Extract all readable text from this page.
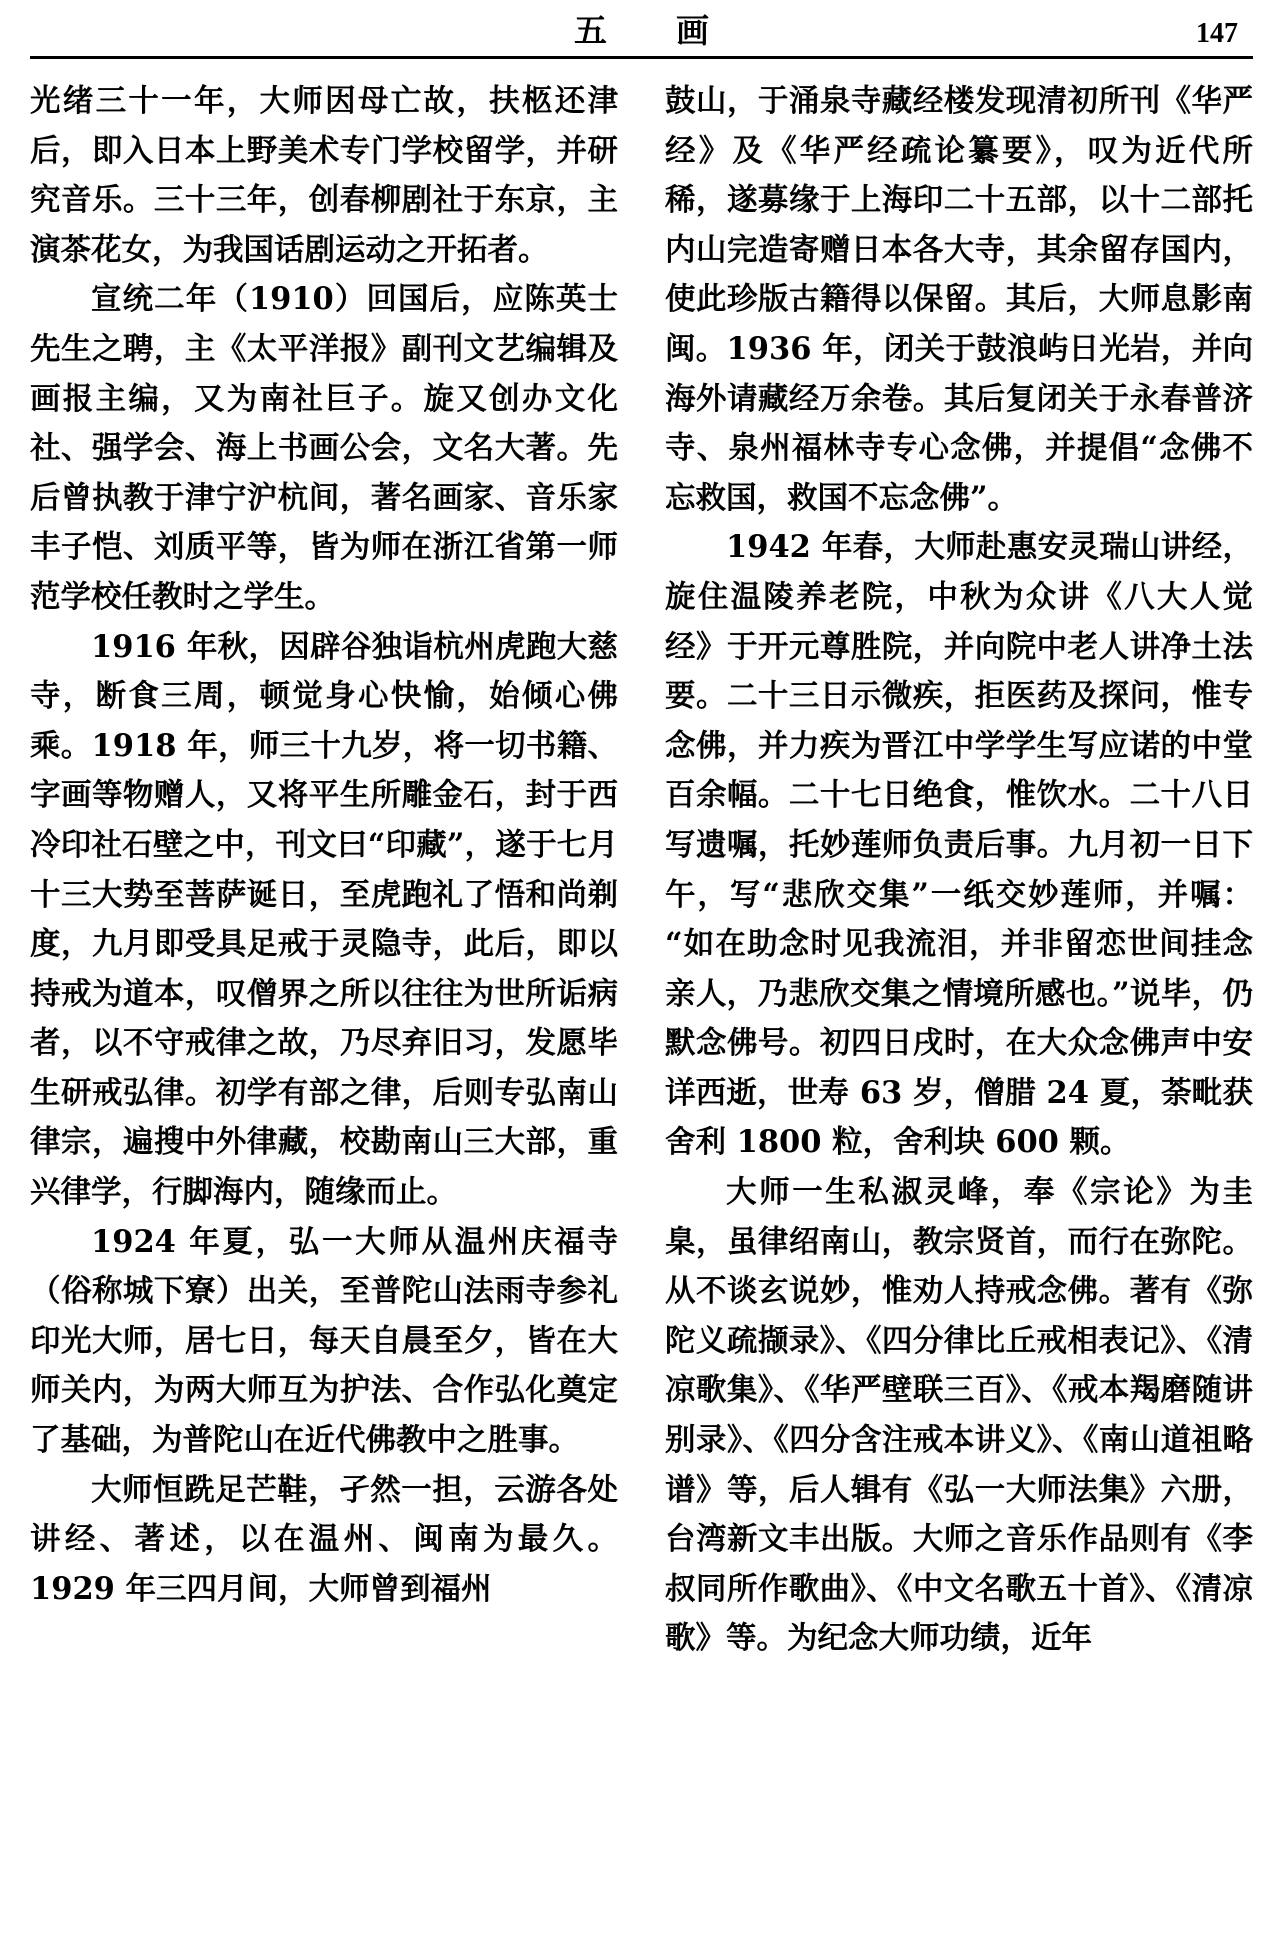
五　画	147

光绪三十一年，大师因母亡故，扶柩还津后，即入日本上野美术专门学校留学，并研究音乐。三十三年，创春柳剧社于东京，主演茶花女，为我国话剧运动之开拓者。

宣统二年（1910）回国后，应陈英士先生之聘，主《太平洋报》副刊文艺编辑及画报主编，又为南社巨子。旋又创办文化社、强学会、海上书画公会，文名大著。先后曾执教于津宁沪杭间，著名画家、音乐家丰子恺、刘质平等，皆为师在浙江省第一师范学校任教时之学生。

1916 年秋，因辟谷独诣杭州虎跑大慈寺，断食三周，顿觉身心快愉，始倾心佛乘。1918 年，师三十九岁，将一切书籍、字画等物赠人，又将平生所雕金石，封于西冷印社石壁之中，刊文曰“印藏”，遂于七月十三大势至菩萨诞日，至虎跑礼了悟和尚剃度，九月即受具足戒于灵隐寺，此后，即以持戒为道本，叹僧界之所以往往为世所诟病者，以不守戒律之故，乃尽弃旧习，发愿毕生研戒弘律。初学有部之律，后则专弘南山律宗，遍搜中外律藏，校勘南山三大部，重兴律学，行脚海内，随缘而止。

1924 年夏，弘一大师从温州庆福寺（俗称城下寮）出关，至普陀山法雨寺参礼印光大师，居七日，每天自晨至夕，皆在大师关内，为两大师互为护法、合作弘化奠定了基础，为普陀山在近代佛教中之胜事。

大师恒跣足芒鞋，孑然一担，云游各处讲经、著述，以在温州、闽南为最久。1929 年三四月间，大师曾到福州

鼓山，于涌泉寺藏经楼发现清初所刊《华严经》及《华严经疏论纂要》，叹为近代所稀，遂募缘于上海印二十五部，以十二部托内山完造寄赠日本各大寺，其余留存国内，使此珍版古籍得以保留。其后，大师息影南闽。1936 年，闭关于鼓浪屿日光岩，并向海外请藏经万余卷。其后复闭关于永春普济寺、泉州福林寺专心念佛，并提倡“念佛不忘救国，救国不忘念佛”。

1942 年春，大师赴惠安灵瑞山讲经，旋住温陵养老院，中秋为众讲《八大人觉经》于开元尊胜院，并向院中老人讲净土法要。二十三日示微疾，拒医药及探问，惟专念佛，并力疾为晋江中学学生写应诺的中堂百余幅。二十七日绝食，惟饮水。二十八日写遗嘱，托妙莲师负责后事。九月初一日下午，写“悲欣交集”一纸交妙莲师，并嘱：“如在助念时见我流泪，并非留恋世间挂念亲人，乃悲欣交集之情境所感也。”说毕，仍默念佛号。初四日戌时，在大众念佛声中安详西逝，世寿 63 岁，僧腊 24 夏，荼毗获舍利 1800 粒，舍利块 600 颗。

大师一生私淑灵峰，奉《宗论》为圭臬，虽律绍南山，教宗贤首，而行在弥陀。从不谈玄说妙，惟劝人持戒念佛。著有《弥陀义疏撷录》、《四分律比丘戒相表记》、《清凉歌集》、《华严壁联三百》、《戒本羯磨随讲别录》、《四分含注戒本讲义》、《南山道祖略谱》等，后人辑有《弘一大师法集》六册，台湾新文丰出版。大师之音乐作品则有《李叔同所作歌曲》、《中文名歌五十首》、《清凉歌》等。为纪念大师功绩，近年
